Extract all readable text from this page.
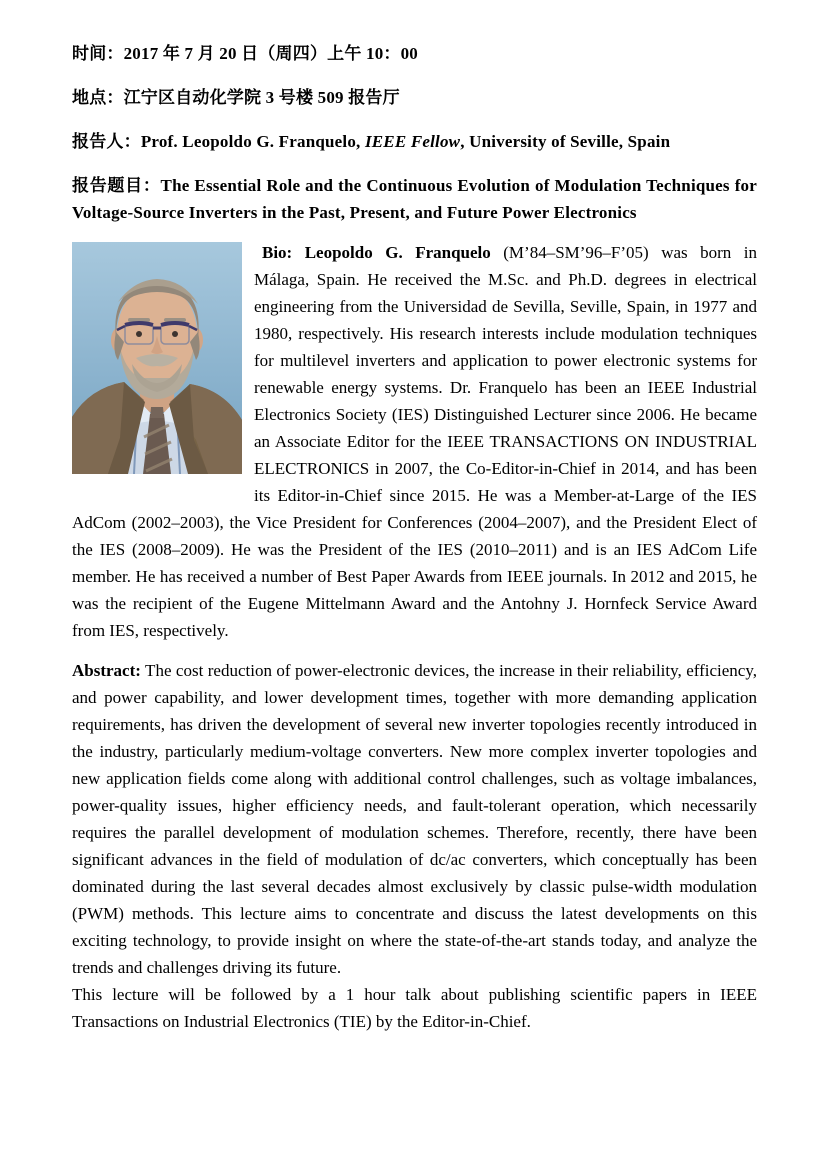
时间：2017 年 7 月 20 日（周四）上午 10：00

地点：江宁区自动化学院 3 号楼 509 报告厅

报告人：Prof. Leopoldo G. Franquelo, IEEE Fellow, University of Seville, Spain

报告题目：The Essential Role and the Continuous Evolution of Modulation Techniques for Voltage-Source Inverters in the Past, Present, and Future Power Electronics

Bio: Leopoldo G. Franquelo (M’84–SM’96–F’05) was born in Málaga, Spain. He received the M.Sc. and Ph.D. degrees in electrical engineering from the Universidad de Sevilla, Seville, Spain, in 1977 and 1980, respectively. His research interests include modulation techniques for multilevel inverters and application to power electronic systems for renewable energy systems. Dr. Franquelo has been an IEEE Industrial Electronics Society (IES) Distinguished Lecturer since 2006. He became an Associate Editor for the IEEE TRANSACTIONS ON INDUSTRIAL ELECTRONICS in 2007, the Co-Editor-in-Chief in 2014, and has been its Editor-in-Chief since 2015. He was a Member-at-Large of the IES AdCom (2002–2003), the Vice President for Conferences (2004–2007), and the President Elect of the IES (2008–2009). He was the President of the IES (2010–2011) and is an IES AdCom Life member. He has received a number of Best Paper Awards from IEEE journals. In 2012 and 2015, he was the recipient of the Eugene Mittelmann Award and the Antohny J. Hornfeck Service Award from IES, respectively.
Abstract: The cost reduction of power-electronic devices, the increase in their reliability, efficiency, and power capability, and lower development times, together with more demanding application requirements, has driven the development of several new inverter topologies recently introduced in the industry, particularly medium-voltage converters. New more complex inverter topologies and new application fields come along with additional control challenges, such as voltage imbalances, power-quality issues, higher efficiency needs, and fault-tolerant operation, which necessarily requires the parallel development of modulation schemes. Therefore, recently, there have been significant advances in the field of modulation of dc/ac converters, which conceptually has been dominated during the last several decades almost exclusively by classic pulse-width modulation (PWM) methods. This lecture aims to concentrate and discuss the latest developments on this exciting technology, to provide insight on where the state-of-the-art stands today, and analyze the trends and challenges driving its future.

This lecture will be followed by a 1 hour talk about publishing scientific papers in IEEE Transactions on Industrial Electronics (TIE) by the Editor-in-Chief.
